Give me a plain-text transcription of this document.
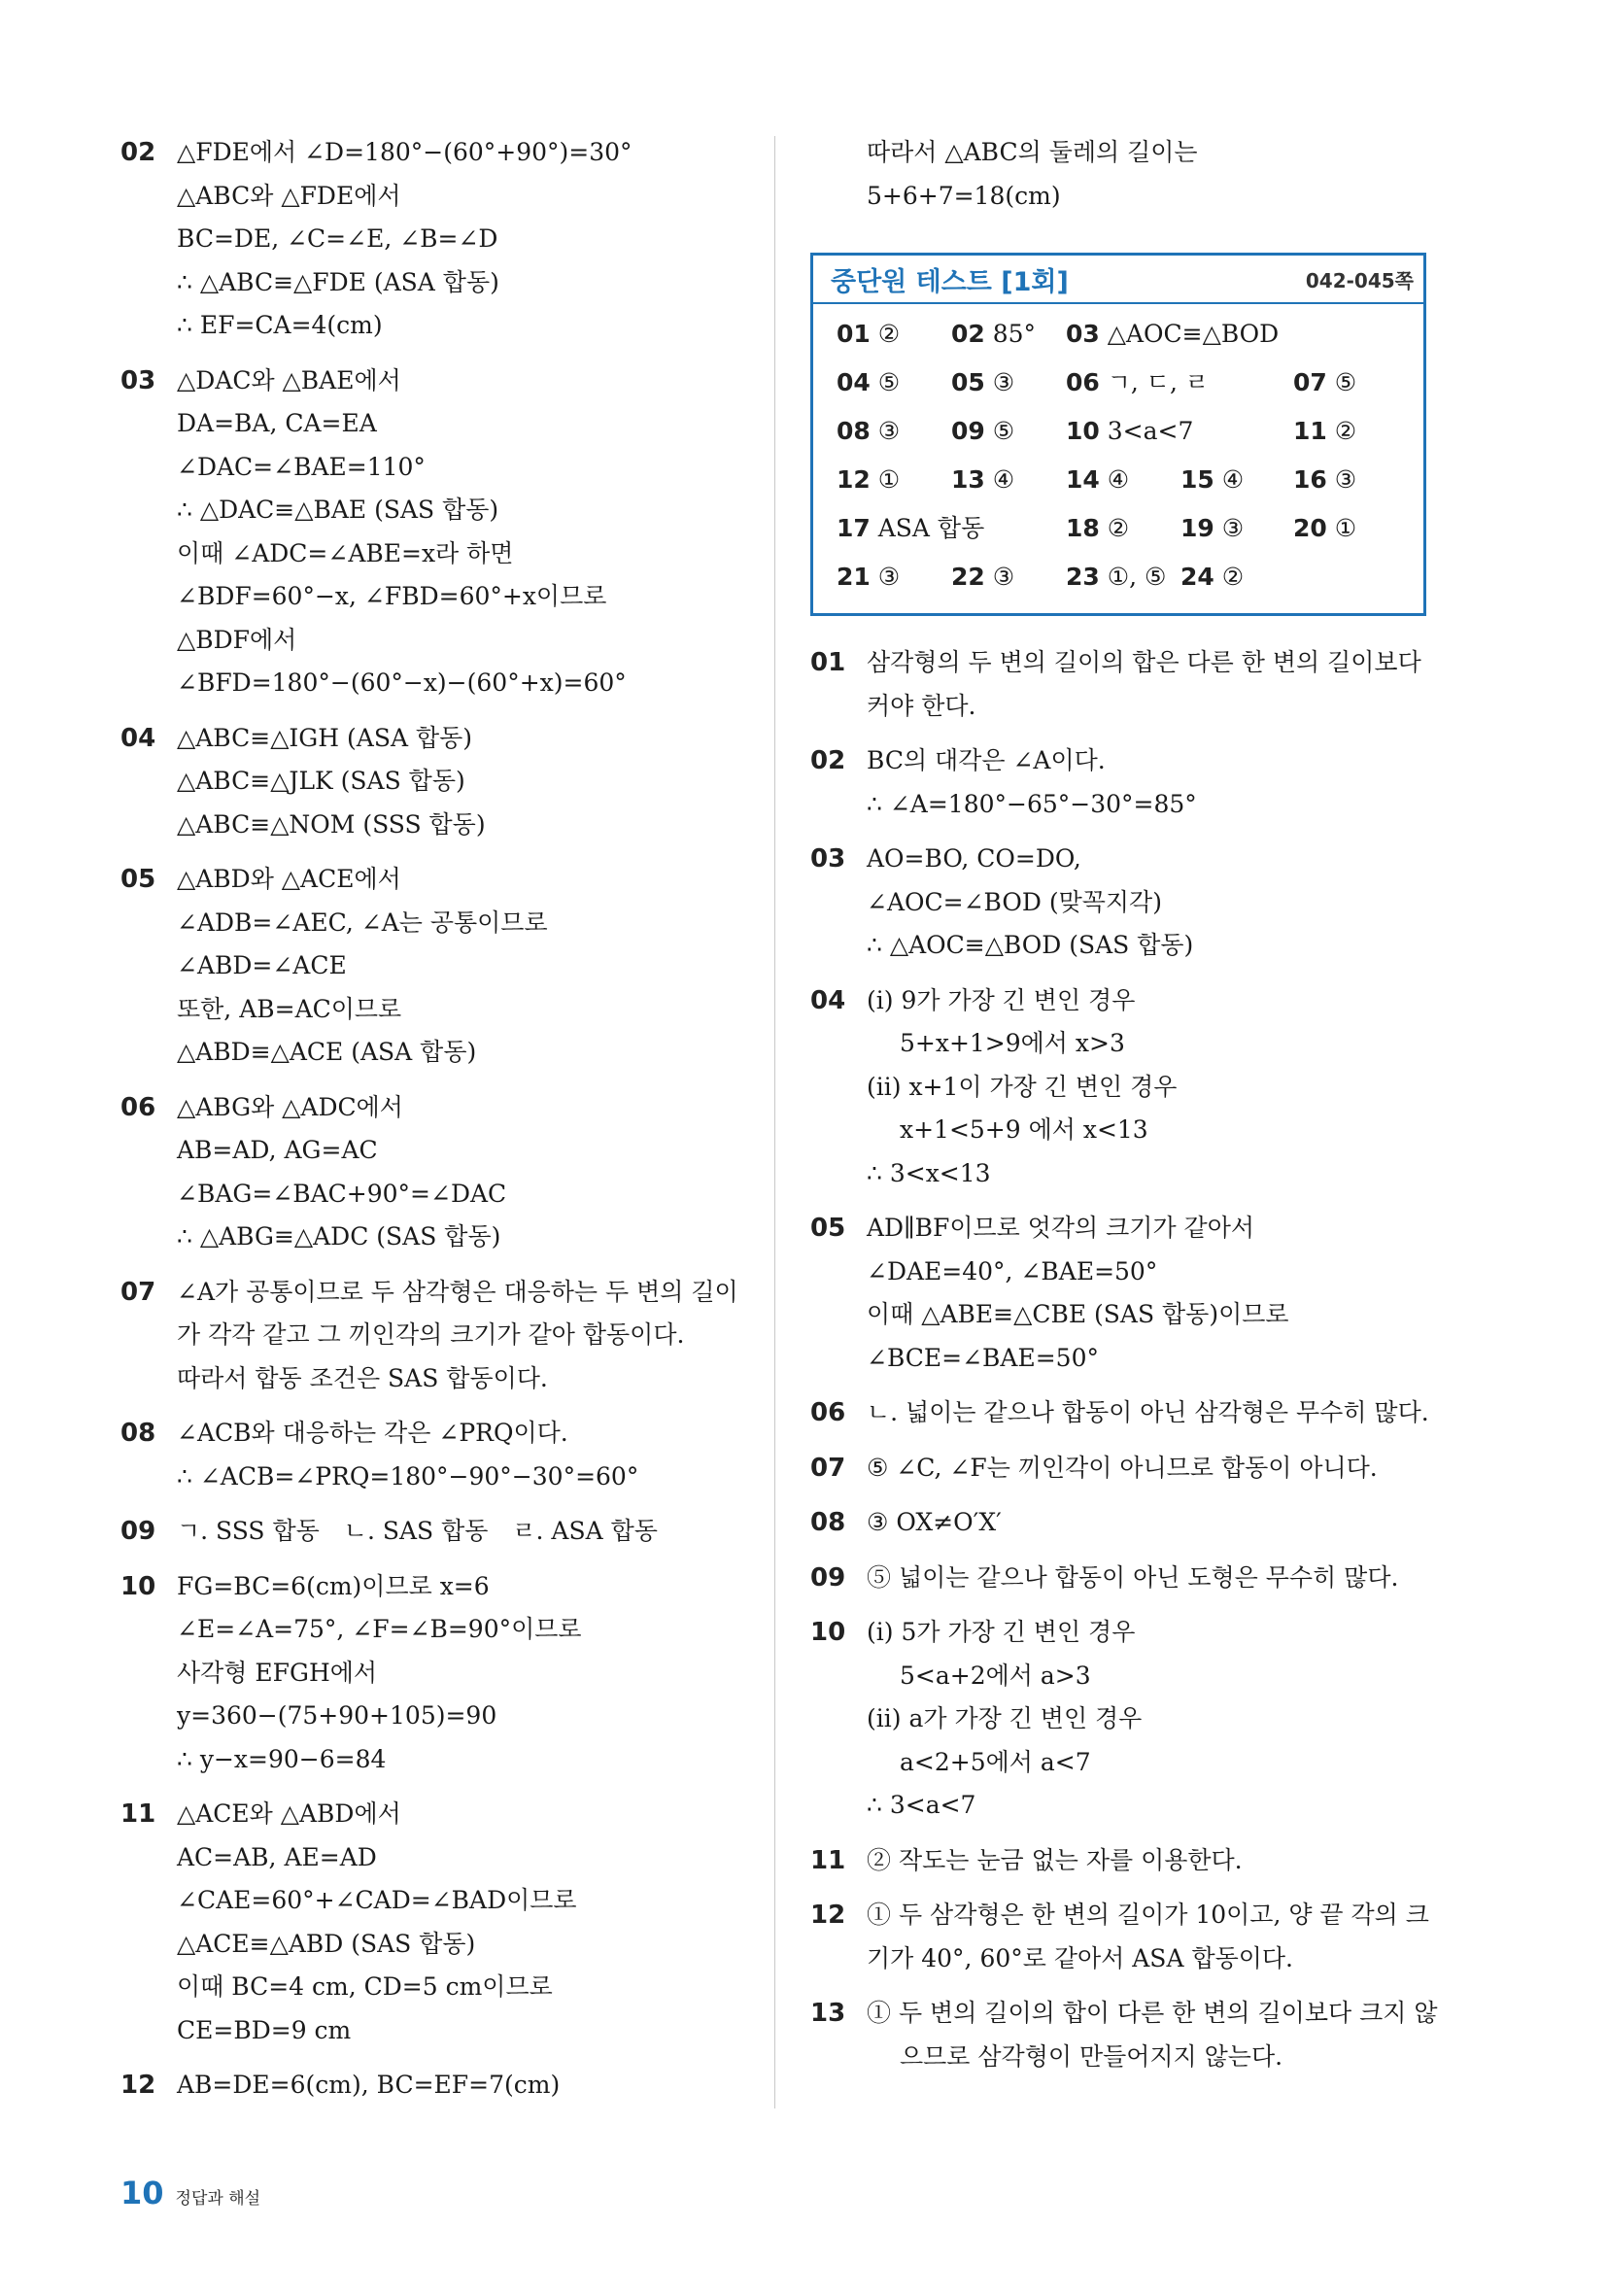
02 △FDE에서 ∠D=180°−(60°+90°)=30°
△ABC와 △FDE에서
BC=DE, ∠C=∠E, ∠B=∠D
∴ △ABC≡△FDE (ASA 합동)
∴ EF=CA=4(cm)
03 △DAC와 △BAE에서
DA=BA, CA=EA
∠DAC=∠BAE=110°
∴ △DAC≡△BAE (SAS 합동)
이때 ∠ADC=∠ABE=x라 하면
∠BDF=60°−x, ∠FBD=60°+x이므로
△BDF에서
∠BFD=180°−(60°−x)−(60°+x)=60°
04 △ABC≡△IGH (ASA 합동)
△ABC≡△JLK (SAS 합동)
△ABC≡△NOM (SSS 합동)
05 △ABD와 △ACE에서
∠ADB=∠AEC, ∠A는 공통이므로
∠ABD=∠ACE
또한, AB=AC이므로
△ABD≡△ACE (ASA 합동)
06 △ABG와 △ADC에서
AB=AD, AG=AC
∠BAG=∠BAC+90°=∠DAC
∴ △ABG≡△ADC (SAS 합동)
07 ∠A가 공통이므로 두 삼각형은 대응하는 두 변의 길이
가 각각 같고 그 끼인각의 크기가 같아 합동이다.
따라서 합동 조건은 SAS 합동이다.
08 ∠ACB와 대응하는 각은 ∠PRQ이다.
∴ ∠ACB=∠PRQ=180°−90°−30°=60°
09 ㄱ. SSS 합동　ㄴ. SAS 합동　ㄹ. ASA 합동
10 FG=BC=6(cm)이므로 x=6
∠E=∠A=75°, ∠F=∠B=90°이므로
사각형 EFGH에서
y=360−(75+90+105)=90
∴ y−x=90−6=84
11 △ACE와 △ABD에서
AC=AB, AE=AD
∠CAE=60°+∠CAD=∠BAD이므로
△ACE≡△ABD (SAS 합동)
이때 BC=4 cm, CD=5 cm이므로
CE=BD=9 cm
12 AB=DE=6(cm), BC=EF=7(cm)
따라서 △ABC의 둘레의 길이는
5+6+7=18(cm)
중단원 테스트 [1회]	042-045쪽
01 ② 02 85° 03 △AOC≡△BOD
04 ⑤ 05 ③ 06 ㄱ, ㄷ, ㄹ	07 ⑤
08 ③ 09 ⑤ 10 3<a<7	11 ②
12 ① 13 ④ 14 ④ 15 ④ 16 ③
17 ASA 합동	18 ② 19 ③ 20 ①
21 ③ 22 ③ 23 ①, ⑤ 24 ②
01 삼각형의 두 변의 길이의 합은 다른 한 변의 길이보다
커야 한다.
02 BC의 대각은 ∠A이다.
∴ ∠A=180°−65°−30°=85°
03 AO=BO, CO=DO,
∠AOC=∠BOD (맞꼭지각)
∴ △AOC≡△BOD (SAS 합동)
04 (ⅰ) 9가 가장 긴 변인 경우
5+x+1>9에서 x>3
(ⅱ) x+1이 가장 긴 변인 경우
x+1<5+9 에서 x<13
∴ 3<x<13
05 AD∥BF이므로 엇각의 크기가 같아서
∠DAE=40°, ∠BAE=50°
이때 △ABE≡△CBE (SAS 합동)이므로
∠BCE=∠BAE=50°
06 ㄴ. 넓이는 같으나 합동이 아닌 삼각형은 무수히 많다.
07 ⑤ ∠C, ∠F는 끼인각이 아니므로 합동이 아니다.
08 ③ OX≠O′X′
09 ⑤ 넓이는 같으나 합동이 아닌 도형은 무수히 많다.
10 (ⅰ) 5가 가장 긴 변인 경우
5<a+2에서 a>3
(ⅱ) a가 가장 긴 변인 경우
a<2+5에서 a<7
∴ 3<a<7
11 ② 작도는 눈금 없는 자를 이용한다.
12 ① 두 삼각형은 한 변의 길이가 10이고, 양 끝 각의 크
기가 40°, 60°로 같아서 ASA 합동이다.
13 ① 두 변의 길이의 합이 다른 한 변의 길이보다 크지 않
으므로 삼각형이 만들어지지 않는다.
10 정답과 해설
